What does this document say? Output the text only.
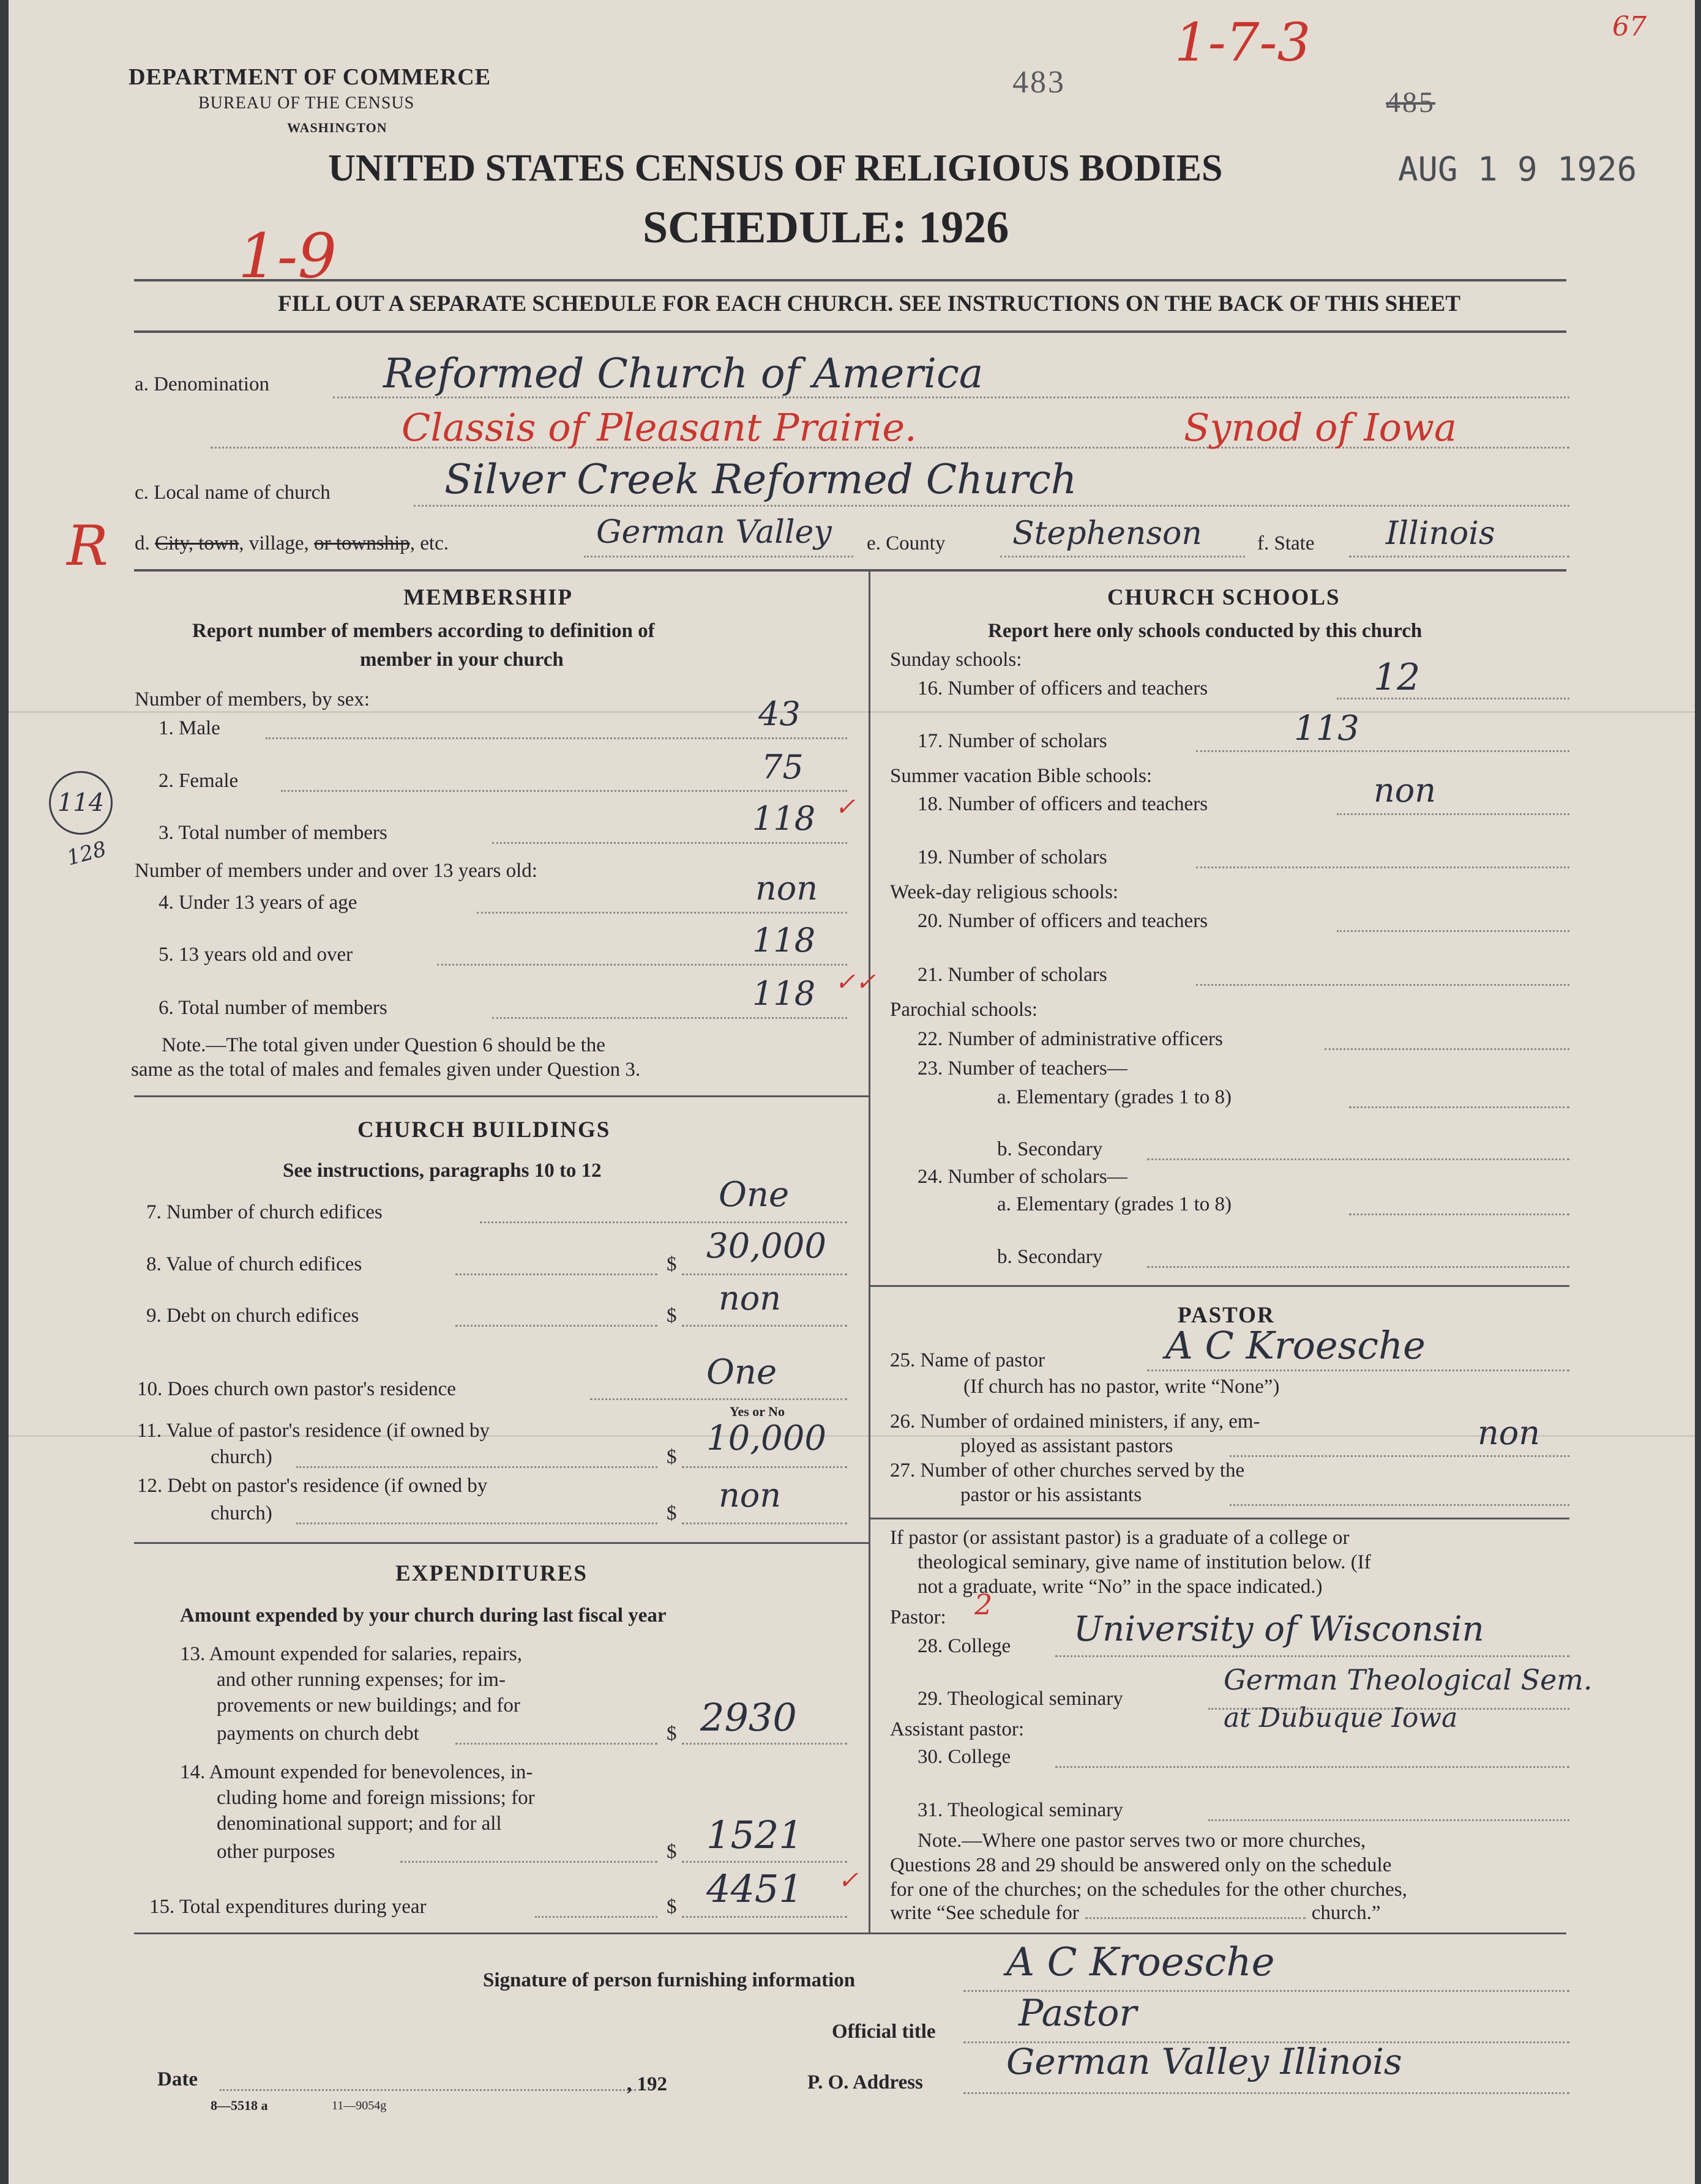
DEPARTMENT OF COMMERCE
BUREAU OF THE CENSUS
WASHINGTON
483
1-7-3	67
485
UNITED STATES CENSUS OF RELIGIOUS BODIES	AUG 1 9 1926
SCHEDULE: 1926
1-9
FILL OUT A SEPARATE SCHEDULE FOR EACH CHURCH. SEE INSTRUCTIONS ON THE BACK OF THIS SHEET
a. Denomination	Reformed Church of America
Classis of Pleasant Prairie.	Synod of Iowa
c. Local name of church	Silver Creek Reformed Church
R d. City, town, village, or township, etc.	German Valley e. County Stephenson	f. State Illinois
MEMBERSHIP
Report number of members according to definition of
member in your church
Number of members, by sex:
1. Male	43
2. Female	75
114
128
3. Total number of members	118 ✓
Number of members under and over 13 years old:
4. Under 13 years of age	non
5. 13 years old and over	118
6. Total number of members	118 ✓✓
Note.—The total given under Question 6 should be the
same as the total of males and females given under Question 3.
CHURCH BUILDINGS
See instructions, paragraphs 10 to 12
7. Number of church edifices	One
8. Value of church edifices	$ 30,000
9. Debt on church edifices	$ non
10. Does church own pastor's residence	One
Yes or No
11. Value of pastor's residence (if owned by
church)	$ 10,000
12. Debt on pastor's residence (if owned by
church)	$ non
EXPENDITURES
Amount expended by your church during last fiscal year
13. Amount expended for salaries, repairs,
and other running expenses; for im-
provements or new buildings; and for
payments on church debt	$ 2930
14. Amount expended for benevolences, in-
cluding home and foreign missions; for
denominational support; and for all
other purposes	$ 1521
15. Total expenditures during year	$ 4451 ✓
CHURCH SCHOOLS
Report here only schools conducted by this church
Sunday schools:
16. Number of officers and teachers	12
17. Number of scholars	113
Summer vacation Bible schools:
18. Number of officers and teachers	non
19. Number of scholars
Week-day religious schools:
20. Number of officers and teachers
21. Number of scholars
Parochial schools:
22. Number of administrative officers
23. Number of teachers—
a. Elementary (grades 1 to 8)
b. Secondary
24. Number of scholars—
a. Elementary (grades 1 to 8)
b. Secondary
PASTOR
25. Name of pastor	A C Kroesche
(If church has no pastor, write “None”)
26. Number of ordained ministers, if any, em-
ployed as assistant pastors	non
27. Number of other churches served by the
pastor or his assistants
If pastor (or assistant pastor) is a graduate of a college or
theological seminary, give name of institution below. (If
not a graduate, write “No” in the space indicated.)
Pastor: 2
28. College University of Wisconsin
29. Theological seminary
German Theological Sem.
at Dubuque Iowa
Assistant pastor:
30. College
31. Theological seminary
Note.—Where one pastor serves two or more churches,
Questions 28 and 29 should be answered only on the schedule
for one of the churches; on the schedules for the other churches,
write “See schedule for	church.”
Signature of person furnishing information	A C Kroesche
Official title Pastor
Date	, 192	P. O. Address German Valley Illinois
8—5518 a	11—9054g
